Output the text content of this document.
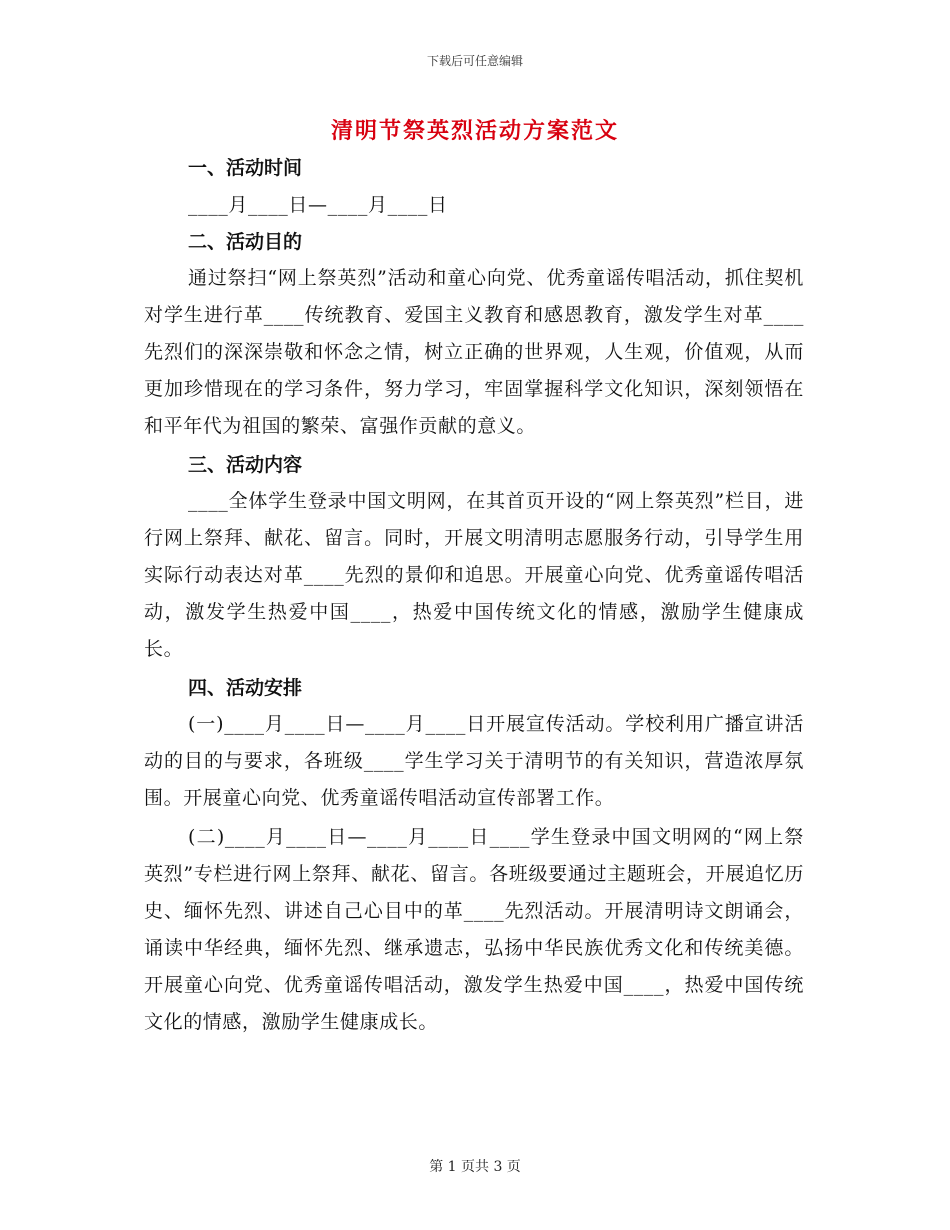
下载后可任意编辑
清明节祭英烈活动方案范文
一、活动时间
____月____日—____月____日
二、活动目的

通过祭扫“网上祭英烈”活动和童心向党、优秀童谣传唱活动，抓住契机对学生进行革____传统教育、爱国主义教育和感恩教育，激发学生对革____先烈们的深深崇敬和怀念之情，树立正确的世界观，人生观，价值观，从而更加珍惜现在的学习条件，努力学习，牢固掌握科学文化知识，深刻领悟在和平年代为祖国的繁荣、富强作贡献的意义。

三、活动内容

____全体学生登录中国文明网，在其首页开设的“网上祭英烈”栏目，进行网上祭拜、献花、留言。同时，开展文明清明志愿服务行动，引导学生用实际行动表达对革____先烈的景仰和追思。开展童心向党、优秀童谣传唱活动，激发学生热爱中国____，热爱中国传统文化的情感，激励学生健康成长。

四、活动安排

(一)____月____日—____月____日开展宣传活动。学校利用广播宣讲活动的目的与要求，各班级____学生学习关于清明节的有关知识，营造浓厚氛围。开展童心向党、优秀童谣传唱活动宣传部署工作。

(二)____月____日—____月____日____学生登录中国文明网的“网上祭英烈”专栏进行网上祭拜、献花、留言。各班级要通过主题班会，开展追忆历史、缅怀先烈、讲述自己心目中的革____先烈活动。开展清明诗文朗诵会，诵读中华经典，缅怀先烈、继承遗志，弘扬中华民族优秀文化和传统美德。开展童心向党、优秀童谣传唱活动，激发学生热爱中国____，热爱中国传统文化的情感，激励学生健康成长。

第 1 页共 3 页
